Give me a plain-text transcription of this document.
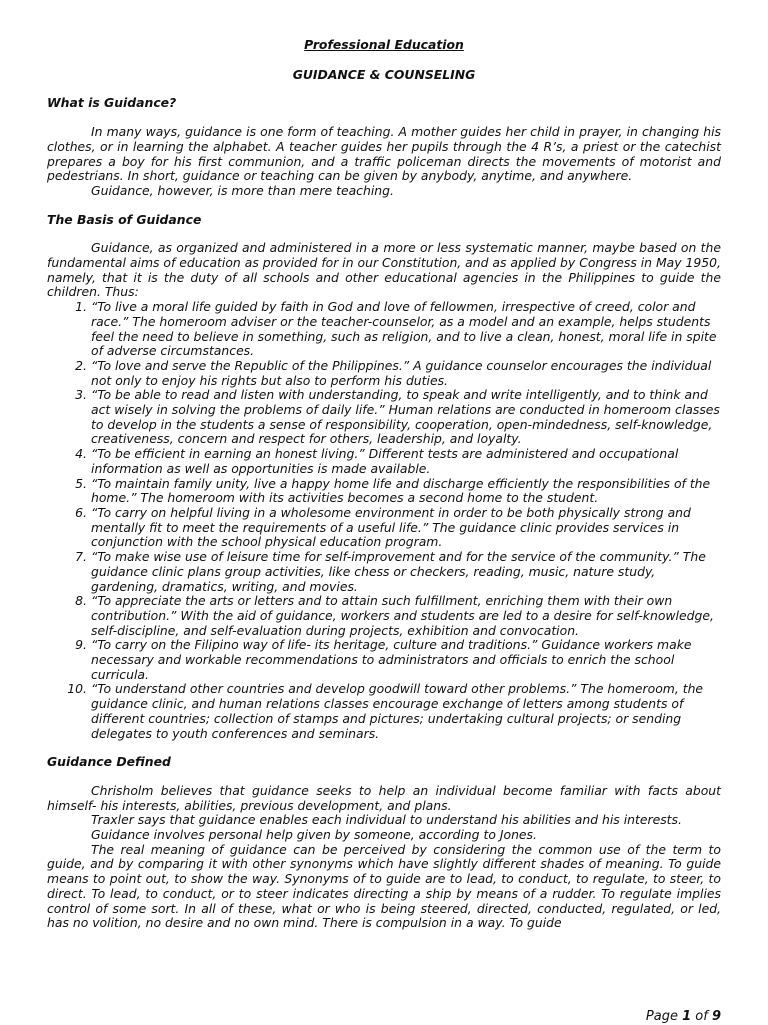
Professional Education
GUIDANCE & COUNSELING
What is Guidance?

In many ways, guidance is one form of teaching. A mother guides her child in prayer, in changing his clothes, or in learning the alphabet. A teacher guides her pupils through the 4 R’s, a priest or the catechist prepares a boy for his first communion, and a traffic policeman directs the movements of motorist and pedestrians. In short, guidance or teaching can be given by anybody, anytime, and anywhere.

Guidance, however, is more than mere teaching.

The Basis of Guidance

Guidance, as organized and administered in a more or less systematic manner, maybe based on the fundamental aims of education as provided for in our Constitution, and as applied by Congress in May 1950, namely, that it is the duty of all schools and other educational agencies in the Philippines to guide the children. Thus:

1. “To live a moral life guided by faith in God and love of fellowmen, irrespective of creed, color and race.” The homeroom adviser or the teacher-counselor, as a model and an example, helps students feel the need to believe in something, such as religion, and to live a clean, honest, moral life in spite of adverse circumstances.
2. “To love and serve the Republic of the Philippines.” A guidance counselor encourages the individual not only to enjoy his rights but also to perform his duties.
3. “To be able to read and listen with understanding, to speak and write intelligently, and to think and act wisely in solving the problems of daily life.” Human relations are conducted in homeroom classes to develop in the students a sense of responsibility, cooperation, open-mindedness, self-knowledge, creativeness, concern and respect for others, leadership, and loyalty.
4. “To be efficient in earning an honest living.” Different tests are administered and occupational information as well as opportunities is made available.
5. “To maintain family unity, live a happy home life and discharge efficiently the responsibilities of the home.” The homeroom with its activities becomes a second home to the student.
6. “To carry on helpful living in a wholesome environment in order to be both physically strong and mentally fit to meet the requirements of a useful life.” The guidance clinic provides services in conjunction with the school physical education program.
7. “To make wise use of leisure time for self-improvement and for the service of the community.” The guidance clinic plans group activities, like chess or checkers, reading, music, nature study, gardening, dramatics, writing, and movies.
8. “To appreciate the arts or letters and to attain such fulfillment, enriching them with their own contribution.” With the aid of guidance, workers and students are led to a desire for self-knowledge, self-discipline, and self-evaluation during projects, exhibition and convocation.
9. “To carry on the Filipino way of life- its heritage, culture and traditions.” Guidance workers make necessary and workable recommendations to administrators and officials to enrich the school curricula.
10. “To understand other countries and develop goodwill toward other problems.” The homeroom, the guidance clinic, and human relations classes encourage exchange of letters among students of different countries; collection of stamps and pictures; undertaking cultural projects; or sending delegates to youth conferences and seminars.
Guidance Defined

Chrisholm believes that guidance seeks to help an individual become familiar with facts about himself- his interests, abilities, previous development, and plans.

Traxler says that guidance enables each individual to understand his abilities and his interests.

Guidance involves personal help given by someone, according to Jones.

The real meaning of guidance can be perceived by considering the common use of the term to guide, and by comparing it with other synonyms which have slightly different shades of meaning. To guide means to point out, to show the way. Synonyms of to guide are to lead, to conduct, to regulate, to steer, to direct. To lead, to conduct, or to steer indicates directing a ship by means of a rudder. To regulate implies control of some sort. In all of these, what or who is being steered, directed, conducted, regulated, or led, has no volition, no desire and no own mind. There is compulsion in a way. To guide

Page 1 of 9
